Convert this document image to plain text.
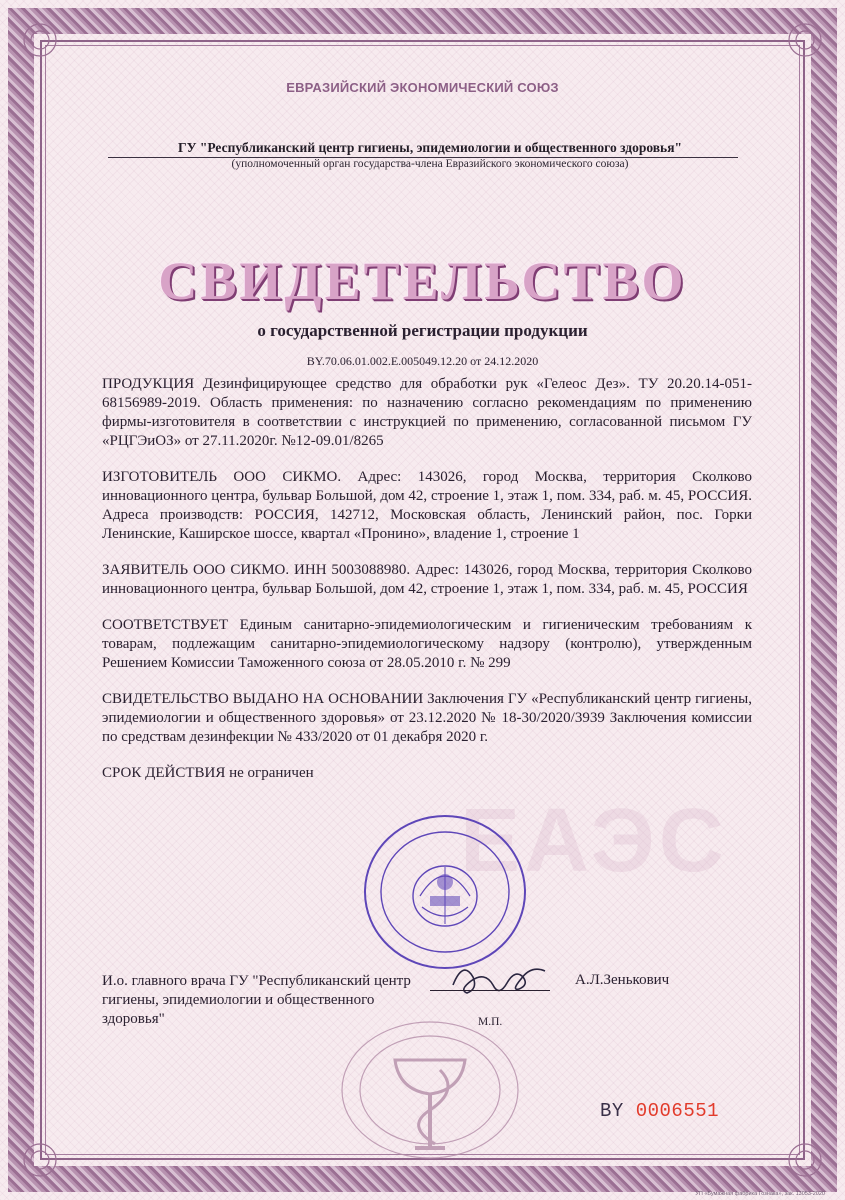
ЕАЭС
ЕВРАЗИЙСКИЙ ЭКОНОМИЧЕСКИЙ СОЮЗ
ГУ "Республиканский центр гигиены, эпидемиологии и общественного здоровья"
(уполномоченный орган государства-члена Евразийского экономического союза)
СВИДЕТЕЛЬСТВО
о государственной регистрации продукции
BY.70.06.01.002.E.005049.12.20 от 24.12.2020

ПРОДУКЦИЯ Дезинфицирующее средство для обработки рук «Гелеос Дез». ТУ 20.20.14-051-68156989-2019. Область применения: по назначению согласно рекомендациям по применению фирмы-изготовителя в соответствии с инструкцией по применению, согласованной письмом ГУ «РЦГЭиОЗ» от 27.11.2020г. №12-09.01/8265

ИЗГОТОВИТЕЛЬ ООО СИКМО. Адрес: 143026, город Москва, территория Сколково инновационного центра, бульвар Большой, дом 42, строение 1, этаж 1, пом. 334, раб. м. 45, РОССИЯ. Адреса производств: РОССИЯ, 142712, Московская область, Ленинский район, пос. Горки Ленинские, Каширское шоссе, квартал «Пронино», владение 1, строение 1

ЗАЯВИТЕЛЬ ООО СИКМО. ИНН 5003088980. Адрес: 143026, город Москва, территория Сколково инновационного центра, бульвар Большой, дом 42, строение 1, этаж 1, пом. 334, раб. м. 45, РОССИЯ

СООТВЕТСТВУЕТ Единым санитарно-эпидемиологическим и гигиеническим требованиям к товарам, подлежащим санитарно-эпидемиологическому надзору (контролю), утвержденным Решением Комиссии Таможенного союза от 28.05.2010 г. № 299

СВИДЕТЕЛЬСТВО ВЫДАНО НА ОСНОВАНИИ Заключения ГУ «Республиканский центр гигиены, эпидемиологии и общественного здоровья» от 23.12.2020 № 18-30/2020/3939 Заключения комиссии по средствам дезинфекции № 433/2020 от 01 декабря 2020 г.

СРОК ДЕЙСТВИЯ не ограничен

И.о. главного врача ГУ "Республиканский центр гигиены, эпидемиологии и общественного здоровья"
А.Л.Зенькович
М.П.
BY 0006551
УП «Бумажная фабрика Гознака», зак. 13053-2020
